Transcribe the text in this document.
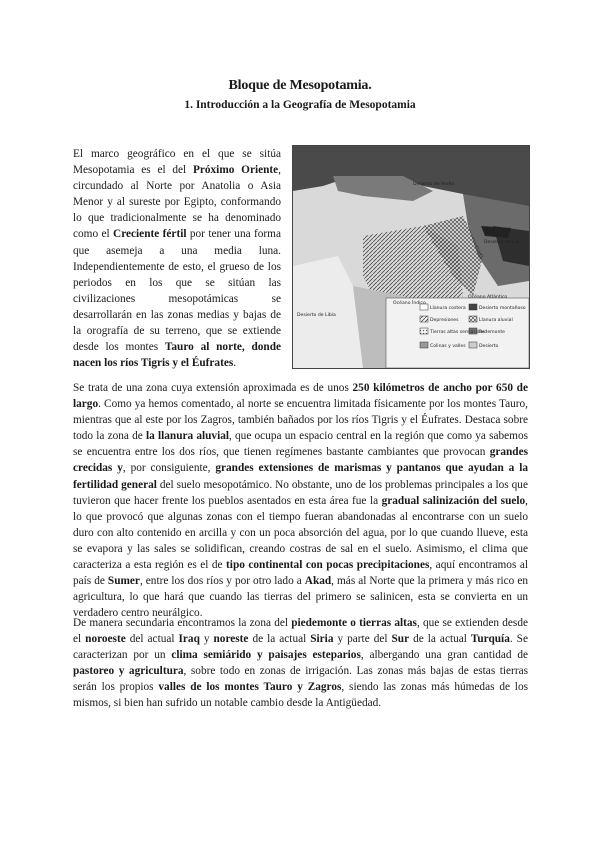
Bloque de Mesopotamia.
1. Introducción a la Geografía de Mesopotamia
El marco geográfico en el que se sitúa Mesopotamia es el del Próximo Oriente, circundado al Norte por Anatolia o Asia Menor y al sureste por Egipto, conformando lo que tradicionalmente se ha denominado como el Creciente fértil por tener una forma que asemeja a una media luna. Independientemente de esto, el grueso de los periodos en los que se sitúan las civilizaciones mesopotámicas se desarrollarán en las zonas medias y bajas de la orografía de su terreno, que se extiende desde los montes Tauro al norte, donde nacen los ríos Tigris y el Éufrates.
Desierto de Andia
Desierto de Lut
Océano Índico
Océano Atlántico
Desierto de Libia
Llanura costera
Depresiones
Tierras altas semiáridas
Colinas y valles
Desierto montañoso
Llanura aluvial
Pedemonte
Desierto
Se trata de una zona cuya extensión aproximada es de unos 250 kilómetros de ancho por 650 de largo. Como ya hemos comentado, al norte se encuentra limitada físicamente por los montes Tauro, mientras que al este por los Zagros, también bañados por los ríos Tigris y el Éufrates. Destaca sobre todo la zona de la llanura aluvial, que ocupa un espacio central en la región que como ya sabemos se encuentra entre los dos ríos, que tienen regímenes bastante cambiantes que provocan grandes crecidas y, por consiguiente, grandes extensiones de marismas y pantanos que ayudan a la fertilidad general del suelo mesopotámico. No obstante, uno de los problemas principales a los que tuvieron que hacer frente los pueblos asentados en esta área fue la gradual salinización del suelo, lo que provocó que algunas zonas con el tiempo fueran abandonadas al encontrarse con un suelo duro con alto contenido en arcilla y con un poca absorción del agua, por lo que cuando llueve, esta se evapora y las sales se solidifican, creando costras de sal en el suelo. Asimismo, el clima que caracteriza a esta región es el de tipo continental con pocas precipitaciones, aquí encontramos al país de Sumer, entre los dos ríos y por otro lado a Akad, más al Norte que la primera y más rico en agricultura, lo que hará que cuando las tierras del primero se salinicen, esta se convierta en un verdadero centro neurálgico.
De manera secundaria encontramos la zona del piedemonte o tierras altas, que se extienden desde el noroeste del actual Iraq y noreste de la actual Siria y parte del Sur de la actual Turquía. Se caracterizan por un clima semiárido y paisajes esteparios, albergando una gran cantidad de pastoreo y agricultura, sobre todo en zonas de irrigación. Las zonas más bajas de estas tierras serán los propios valles de los montes Tauro y Zagros, siendo las zonas más húmedas de los mismos, si bien han sufrido un notable cambio desde la Antigüedad.
